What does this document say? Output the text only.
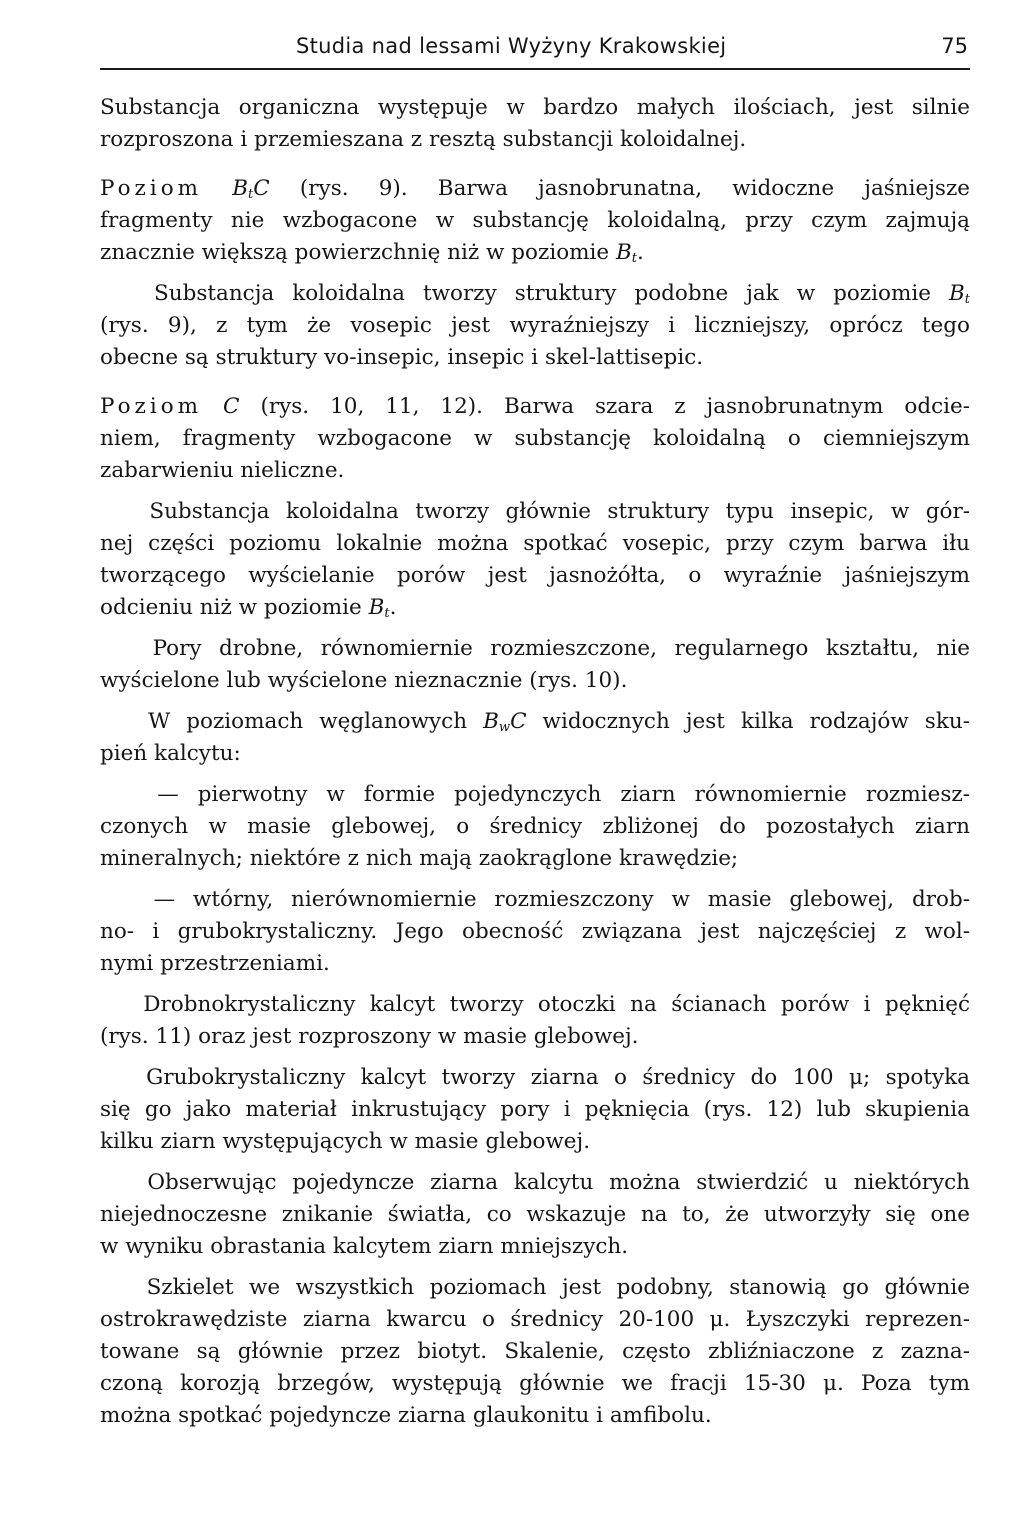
Studia nad lessami Wyżyny Krakowskiej	75

Substancja organiczna występuje w bardzo małych ilościach, jest silnie
rozproszona i przemieszana z resztą substancji koloidalnej.

Poziom $B_tC$ (rys. 9). Barwa jasnobrunatna, widoczne jaśniejsze
fragmenty nie wzbogacone w substancję koloidalną, przy czym zajmują
znacznie większą powierzchnię niż w poziomie $B_t$.

Substancja koloidalna tworzy struktury podobne jak w poziomie $B_t$
(rys. 9), z tym że vosepic jest wyraźniejszy i liczniejszy, oprócz tego
obecne są struktury vo-insepic, insepic i skel-lattisepic.

Poziom C (rys. 10, 11, 12). Barwa szara z jasnobrunatnym odcie-
niem, fragmenty wzbogacone w substancję koloidalną o ciemniejszym
zabarwieniu nieliczne.

Substancja koloidalna tworzy głównie struktury typu insepic, w gór-
nej części poziomu lokalnie można spotkać vosepic, przy czym barwa iłu
tworzącego wyścielanie porów jest jasnożółta, o wyraźnie jaśniejszym
odcieniu niż w poziomie $B_t$.

Pory drobne, równomiernie rozmieszczone, regularnego kształtu, nie
wyścielone lub wyścielone nieznacznie (rys. 10).

W poziomach węglanowych $B_wC$ widocznych jest kilka rodzajów sku-
pień kalcytu:

— pierwotny w formie pojedynczych ziarn równomiernie rozmiesz-
czonych w masie glebowej, o średnicy zbliżonej do pozostałych ziarn
mineralnych; niektóre z nich mają zaokrąglone krawędzie;

— wtórny, nierównomiernie rozmieszczony w masie glebowej, drob-
no- i grubokrystaliczny. Jego obecność związana jest najczęściej z wol-
nymi przestrzeniami.

Drobnokrystaliczny kalcyt tworzy otoczki na ścianach porów i pęknięć
(rys. 11) oraz jest rozproszony w masie glebowej.

Grubokrystaliczny kalcyt tworzy ziarna o średnicy do 100 μ; spotyka
się go jako materiał inkrustujący pory i pęknięcia (rys. 12) lub skupienia
kilku ziarn występujących w masie glebowej.

Obserwując pojedyncze ziarna kalcytu można stwierdzić u niektórych
niejednoczesne znikanie światła, co wskazuje na to, że utworzyły się one
w wyniku obrastania kalcytem ziarn mniejszych.

Szkielet we wszystkich poziomach jest podobny, stanowią go głównie
ostrokrawędziste ziarna kwarcu o średnicy 20-100 μ. Łyszczyki reprezen-
towane są głównie przez biotyt. Skalenie, często zbliźniaczone z zazna-
czoną korozją brzegów, występują głównie we fracji 15-30 μ. Poza tym
można spotkać pojedyncze ziarna glaukonitu i amfibolu.
